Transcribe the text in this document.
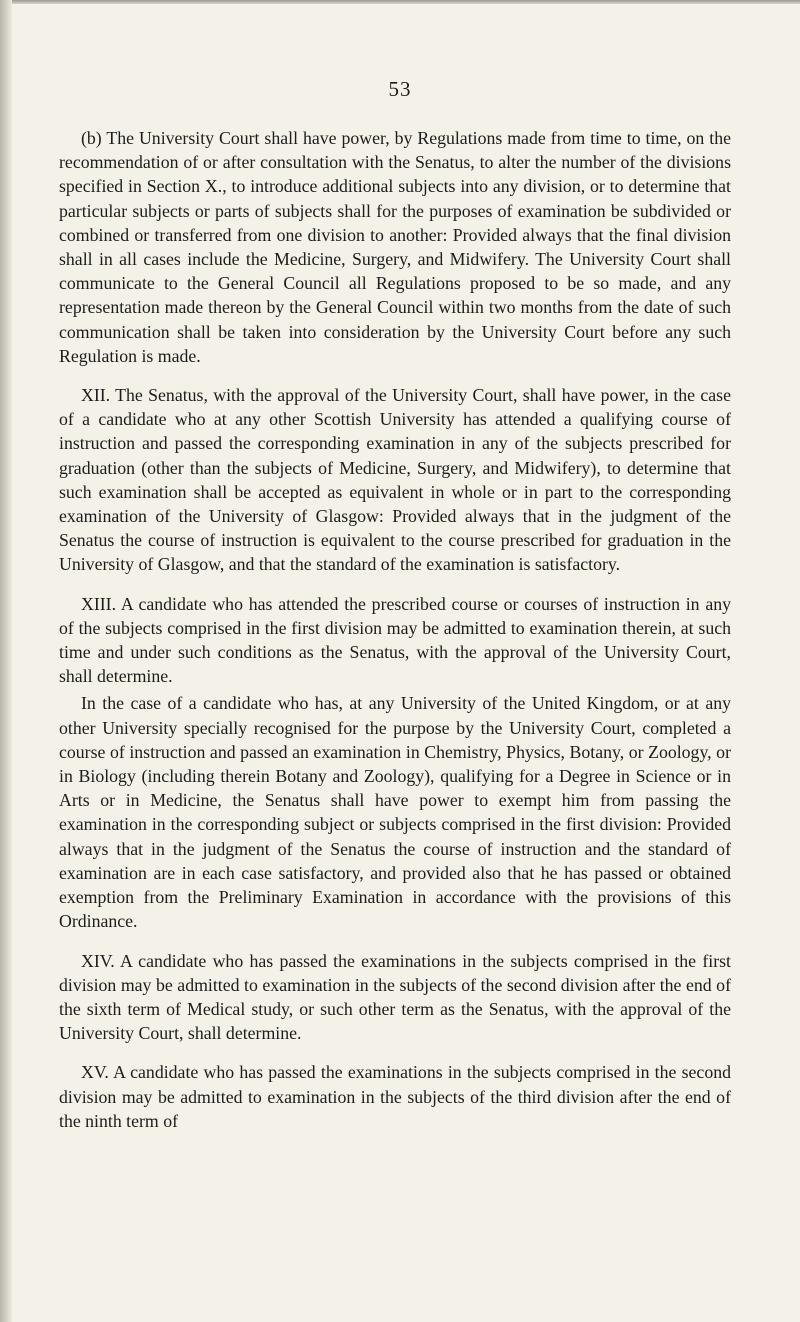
53

(b) The University Court shall have power, by Regulations made from time to time, on the recommendation of or after consultation with the Senatus, to alter the number of the divisions specified in Section X., to introduce additional subjects into any division, or to determine that particular subjects or parts of subjects shall for the purposes of examination be subdivided or combined or transferred from one division to another: Provided always that the final division shall in all cases include the Medicine, Surgery, and Midwifery. The University Court shall communicate to the General Council all Regulations proposed to be so made, and any representation made thereon by the General Council within two months from the date of such communication shall be taken into consideration by the University Court before any such Regulation is made.

XII. The Senatus, with the approval of the University Court, shall have power, in the case of a candidate who at any other Scottish University has attended a qualifying course of instruction and passed the corresponding examination in any of the subjects prescribed for graduation (other than the subjects of Medicine, Surgery, and Midwifery), to determine that such examination shall be accepted as equivalent in whole or in part to the corresponding examination of the University of Glasgow: Provided always that in the judgment of the Senatus the course of instruction is equivalent to the course prescribed for graduation in the University of Glasgow, and that the standard of the examination is satisfactory.

XIII. A candidate who has attended the prescribed course or courses of instruction in any of the subjects comprised in the first division may be admitted to examination therein, at such time and under such conditions as the Senatus, with the approval of the University Court, shall determine.

In the case of a candidate who has, at any University of the United Kingdom, or at any other University specially recognised for the purpose by the University Court, completed a course of instruction and passed an examination in Chemistry, Physics, Botany, or Zoology, or in Biology (including therein Botany and Zoology), qualifying for a Degree in Science or in Arts or in Medicine, the Senatus shall have power to exempt him from passing the examination in the corresponding subject or subjects comprised in the first division: Provided always that in the judgment of the Senatus the course of instruction and the standard of examination are in each case satisfactory, and provided also that he has passed or obtained exemption from the Preliminary Examination in accordance with the provisions of this Ordinance.

XIV. A candidate who has passed the examinations in the subjects comprised in the first division may be admitted to examination in the subjects of the second division after the end of the sixth term of Medical study, or such other term as the Senatus, with the approval of the University Court, shall determine.

XV. A candidate who has passed the examinations in the subjects comprised in the second division may be admitted to examination in the subjects of the third division after the end of the ninth term of
